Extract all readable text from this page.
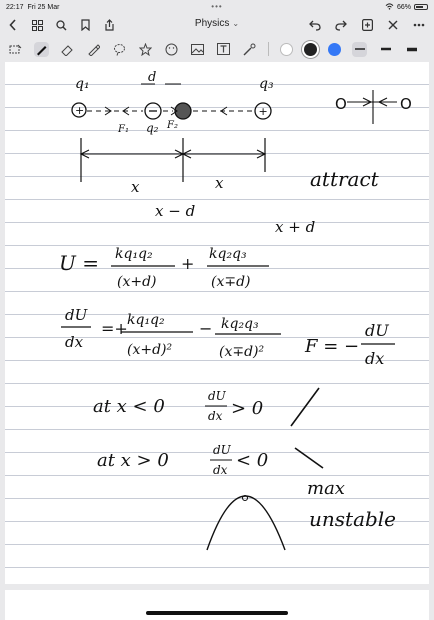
22:17 Fri 25 Mar	•••	66%
Physics ⌄
q₁	d	q₃
+	+
F₁ q₂ F₂
x	x
x − d
x + d
O	O
attract
U = kq₁q₂
(x+d)
+ kq₂q₃
(x∓d)
dU
dx
=+ kq₁q₂
(x+d)²
− kq₂q₃
(x∓d)² F = −
dU
dx
at x < 0	dU
dx > 0
at x > 0	dU
dx < 0
max
unstable
